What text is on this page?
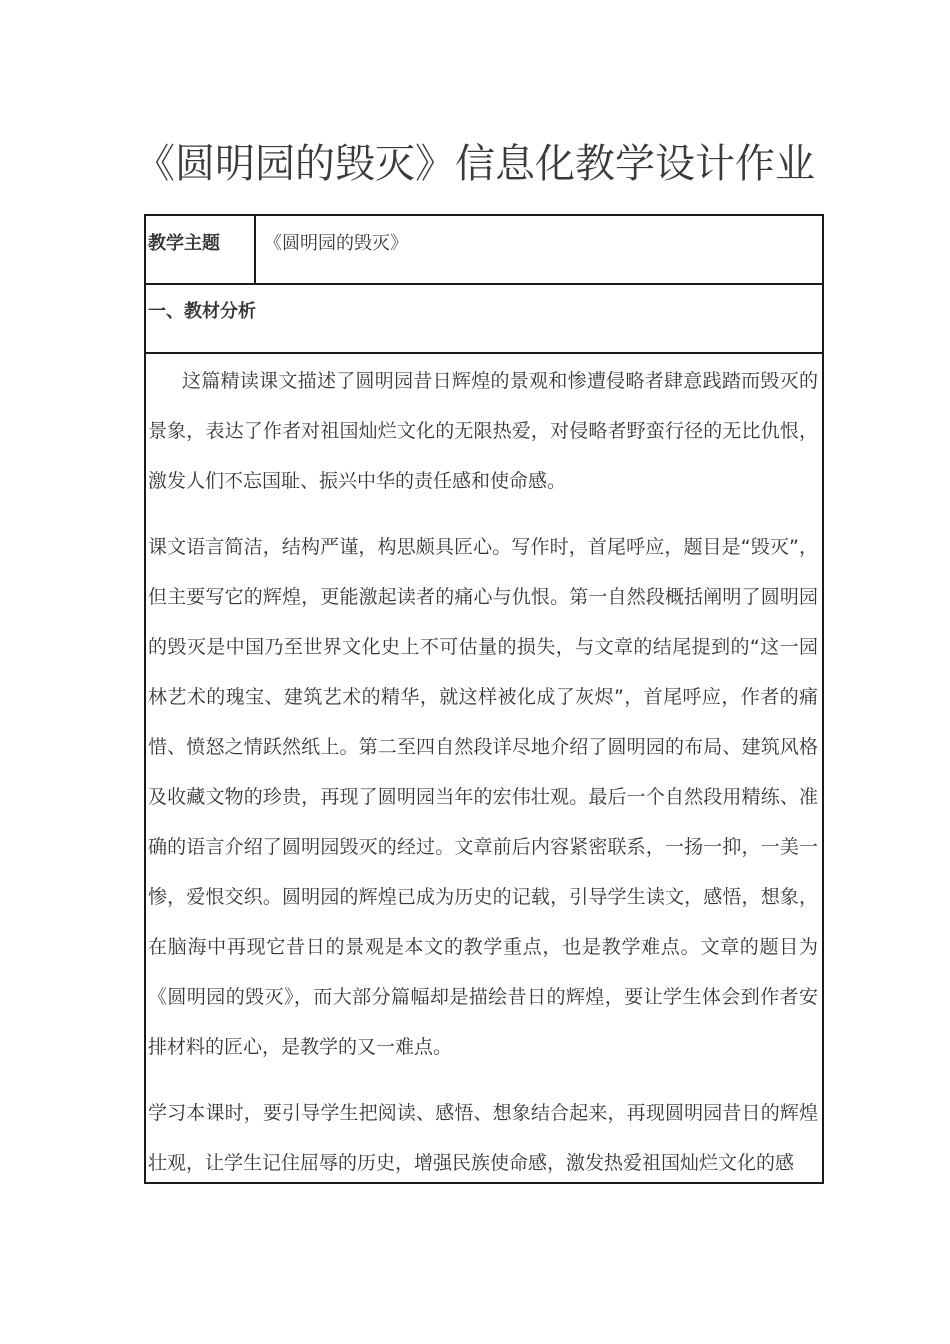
《圆明园的毁灭》信息化教学设计作业
教学主题	《圆明园的毁灭》
一、教材分析

这篇精读课文描述了圆明园昔日辉煌的景观和惨遭侵略者肆意践踏而毁灭的景象，表达了作者对祖国灿烂文化的无限热爱，对侵略者野蛮行径的无比仇恨，激发人们不忘国耻、振兴中华的责任感和使命感。

课文语言简洁，结构严谨，构思颇具匠心。写作时，首尾呼应，题目是“毁灭”，但主要写它的辉煌，更能激起读者的痛心与仇恨。第一自然段概括阐明了圆明园的毁灭是中国乃至世界文化史上不可估量的损失，与文章的结尾提到的“这一园林艺术的瑰宝、建筑艺术的精华，就这样被化成了灰烬”，首尾呼应，作者的痛惜、愤怒之情跃然纸上。第二至四自然段详尽地介绍了圆明园的布局、建筑风格及收藏文物的珍贵，再现了圆明园当年的宏伟壮观。最后一个自然段用精练、准确的语言介绍了圆明园毁灭的经过。文章前后内容紧密联系，一扬一抑，一美一惨，爱恨交织。圆明园的辉煌已成为历史的记载，引导学生读文，感悟，想象，在脑海中再现它昔日的景观是本文的教学重点，也是教学难点。文章的题目为《圆明园的毁灭》，而大部分篇幅却是描绘昔日的辉煌，要让学生体会到作者安排材料的匠心，是教学的又一难点。

学习本课时，要引导学生把阅读、感悟、想象结合起来，再现圆明园昔日的辉煌壮观，让学生记住屈辱的历史，增强民族使命感，激发热爱祖国灿烂文化的感
